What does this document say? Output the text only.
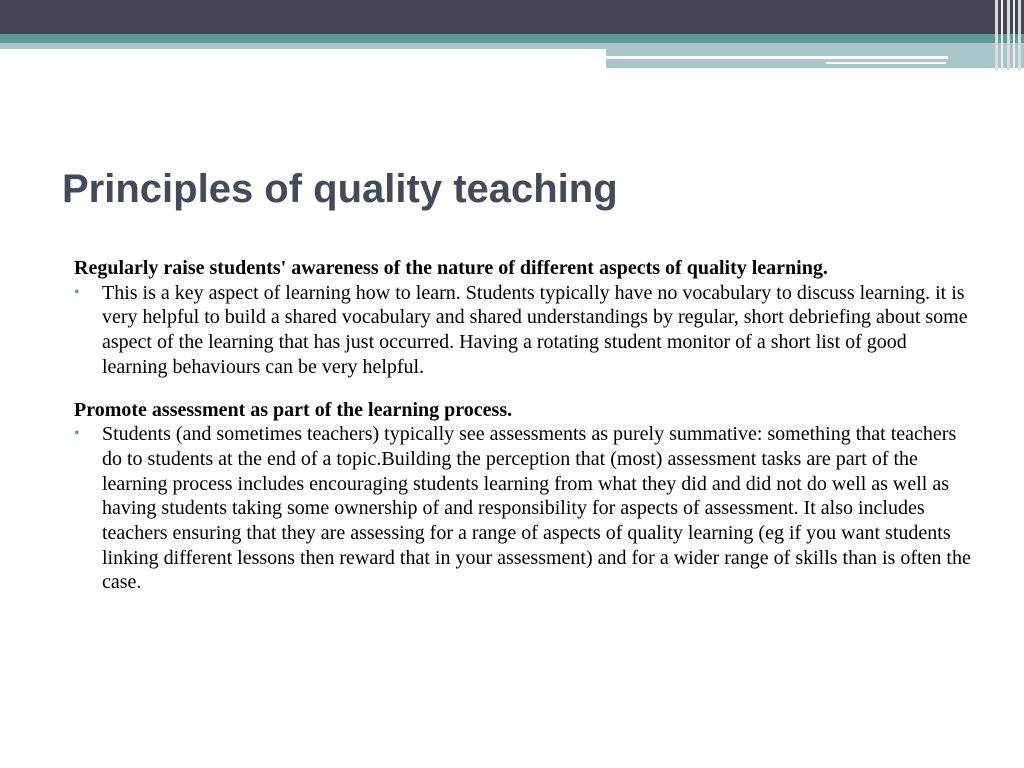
Principles of quality teaching

Regularly raise students' awareness of the nature of different aspects of quality learning.

•	This is a key aspect of learning how to learn. Students typically have no vocabulary to discuss learning. it is very helpful to build a shared vocabulary and shared understandings by regular, short debriefing about some aspect of the learning that has just occurred. Having a rotating student monitor of a short list of good learning behaviours can be very helpful.

Promote assessment as part of the learning process.

•	Students (and sometimes teachers) typically see assessments as purely summative: something that teachers do to students at the end of a topic.Building the perception that (most) assessment tasks are part of the learning process includes encouraging students learning from what they did and did not do well as well as having students taking some ownership of and responsibility for aspects of assessment. It also includes teachers ensuring that they are assessing for a range of aspects of quality learning (eg if you want students linking different lessons then reward that in your assessment) and for a wider range of skills than is often the case.
